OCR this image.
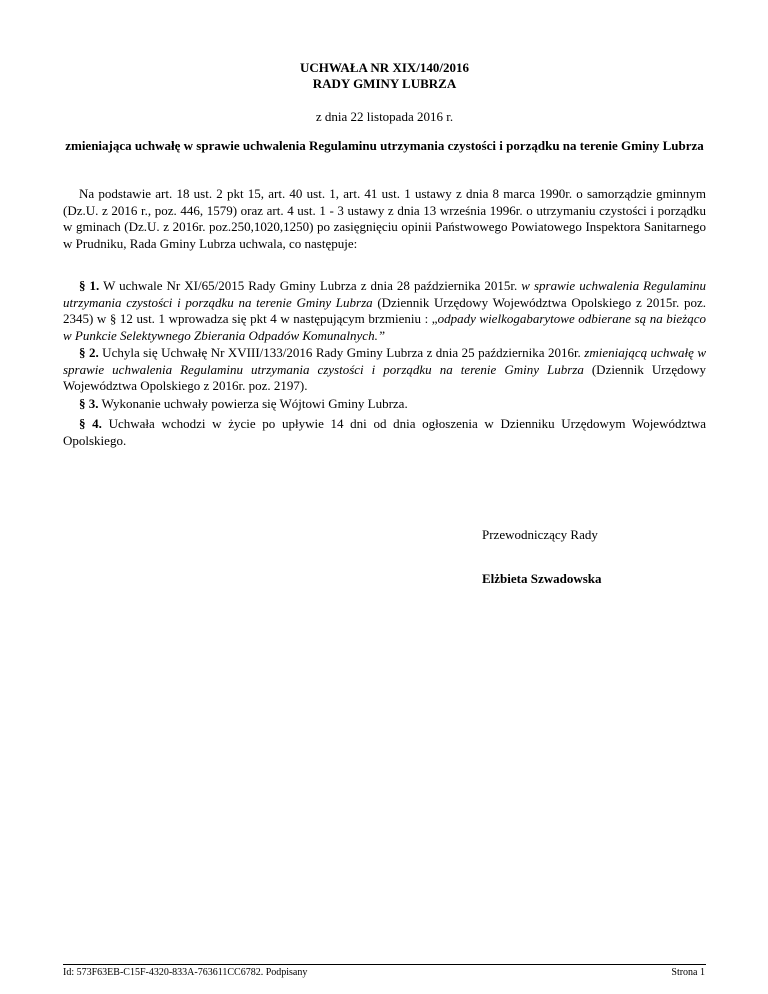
UCHWAŁA NR XIX/140/2016
RADY GMINY LUBRZA
z dnia 22 listopada 2016 r.
zmieniająca uchwałę w sprawie uchwalenia Regulaminu utrzymania czystości i porządku na terenie Gminy Lubrza

Na podstawie art. 18 ust. 2 pkt 15, art. 40 ust. 1, art. 41 ust. 1 ustawy z dnia 8 marca 1990r. o samorządzie gminnym (Dz.U. z 2016 r., poz. 446, 1579) oraz art. 4 ust. 1 - 3 ustawy z dnia 13 września 1996r. o utrzymaniu czystości i porządku w gminach (Dz.U. z 2016r. poz.250,1020,1250) po zasięgnięciu opinii Państwowego Powiatowego Inspektora Sanitarnego w Prudniku, Rada Gminy Lubrza uchwala, co następuje:

§ 1. W uchwale Nr XI/65/2015 Rady Gminy Lubrza z dnia 28 października 2015r. w sprawie uchwalenia Regulaminu utrzymania czystości i porządku na terenie Gminy Lubrza (Dziennik Urzędowy Województwa Opolskiego z 2015r. poz. 2345) w § 12 ust. 1 wprowadza się pkt 4 w następującym brzmieniu : „odpady wielkogabarytowe odbierane są na bieżąco w Punkcie Selektywnego Zbierania Odpadów Komunalnych.”

§ 2. Uchyla się Uchwałę Nr XVIII/133/2016 Rady Gminy Lubrza z dnia 25 października 2016r. zmieniającą uchwałę w sprawie uchwalenia Regulaminu utrzymania czystości i porządku na terenie Gminy Lubrza (Dziennik Urzędowy Województwa Opolskiego z 2016r. poz. 2197).

§ 3. Wykonanie uchwały powierza się Wójtowi Gminy Lubrza.

§ 4. Uchwała wchodzi w życie po upływie 14 dni od dnia ogłoszenia w Dzienniku Urzędowym Województwa Opolskiego.

Przewodniczący Rady
Elżbieta Szwadowska
Id: 573F63EB-C15F-4320-833A-763611CC6782. Podpisany	Strona 1
